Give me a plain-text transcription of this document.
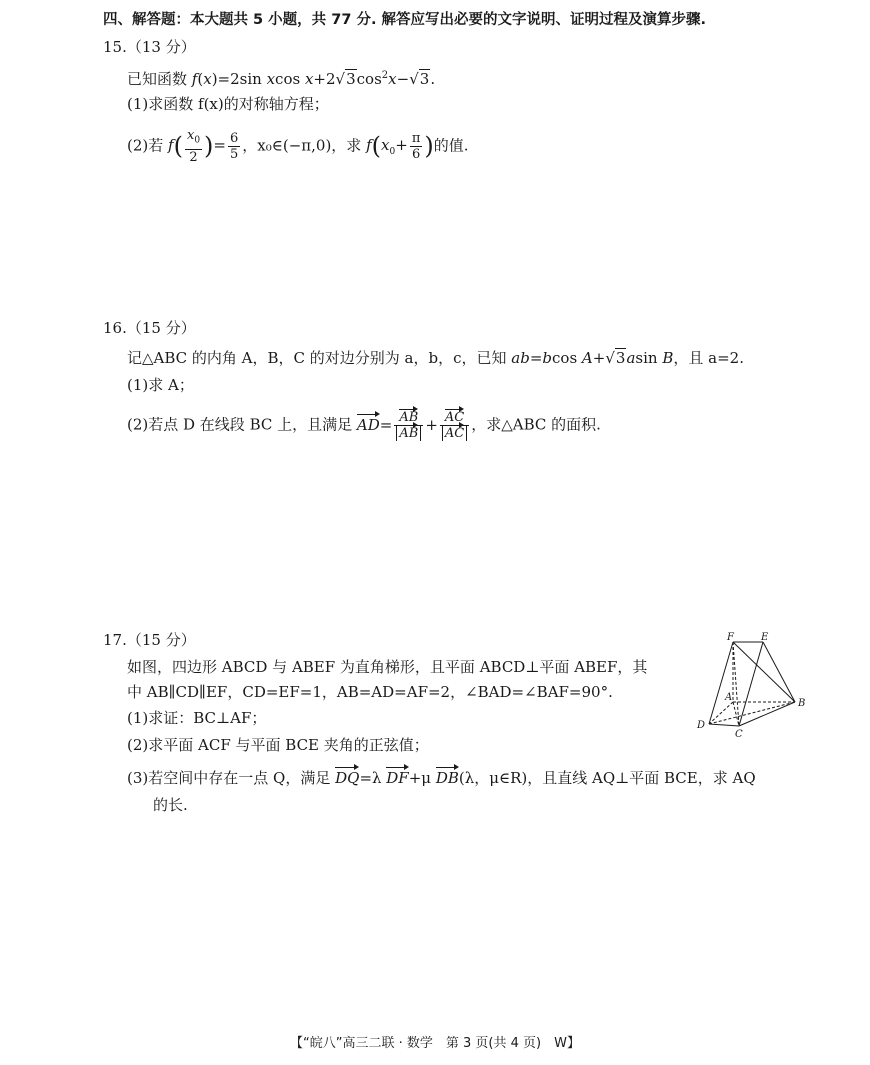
四、解答题：本大题共 5 小题，共 77 分. 解答应写出必要的文字说明、证明过程及演算步骤.
15.（13 分）
已知函数 f(x)=2sin xcos $x+2√3\cos^2x-√3$.
(1)求函数 f(x)的对称轴方程；
(2)若 $f( \frac{x_0}{2}$ )= $\frac{6}{5}$ ，x₀∈(−π,0)，求 $f(x_0+ \frac{\pi}{6}$ )的值.
16.（15 分）
记△ABC 的内角 A，B，C 的对边分别为 a，b，c，已知 ab=bcos A+√3asin B，且 a=2.
(1)求 A；
(2)若点 D 在线段 BC 上，且满足 $AD= \frac{AB}{AB} + \frac{AC}{AC}$ ，求△ABC 的面积.
17.（15 分）
如图，四边形 ABCD 与 ABEF 为直角梯形，且平面 ABCD⊥平面 ABEF，其
中 AB∥CD∥EF，CD=EF=1，AB=AD=AF=2，∠BAD=∠BAF=90°.
(1)求证：BC⊥AF；
(2)求平面 ACF 与平面 BCE 夹角的正弦值；
(3)若空间中存在一点 Q，满足 DQ=λ DF+μ DB(λ，μ∈R)，且直线 AQ⊥平面 BCE，求 AQ
的长.
F	E
A
B
C
D
【“皖八”高三二联 · 数学　第 3 页(共 4 页)　W】
